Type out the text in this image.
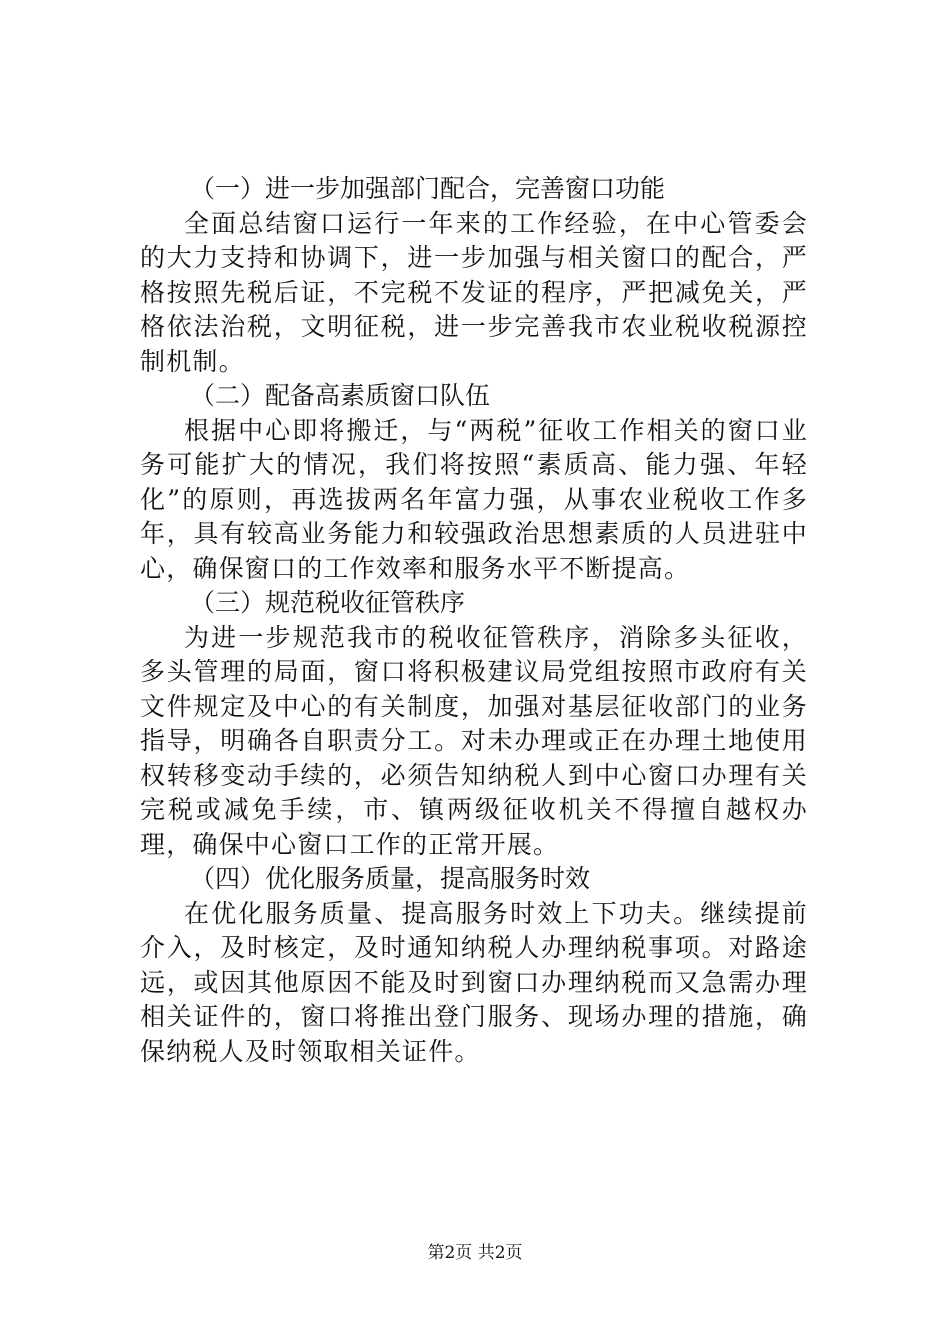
（一）进一步加强部门配合，完善窗口功能

全面总结窗口运行一年来的工作经验，在中心管委会的大力支持和协调下，进一步加强与相关窗口的配合，严格按照先税后证，不完税不发证的程序，严把减免关，严格依法治税，文明征税，进一步完善我市农业税收税源控制机制。

（二）配备高素质窗口队伍

根据中心即将搬迁，与“两税”征收工作相关的窗口业务可能扩大的情况，我们将按照“素质高、能力强、年轻化”的原则，再选拔两名年富力强，从事农业税收工作多年，具有较高业务能力和较强政治思想素质的人员进驻中心，确保窗口的工作效率和服务水平不断提高。

（三）规范税收征管秩序

为进一步规范我市的税收征管秩序，消除多头征收，多头管理的局面，窗口将积极建议局党组按照市政府有关文件规定及中心的有关制度，加强对基层征收部门的业务指导，明确各自职责分工。对未办理或正在办理土地使用权转移变动手续的，必须告知纳税人到中心窗口办理有关完税或减免手续，市、镇两级征收机关不得擅自越权办理，确保中心窗口工作的正常开展。

（四）优化服务质量，提高服务时效

在优化服务质量、提高服务时效上下功夫。继续提前介入，及时核定，及时通知纳税人办理纳税事项。对路途远，或因其他原因不能及时到窗口办理纳税而又急需办理相关证件的，窗口将推出登门服务、现场办理的措施，确保纳税人及时领取相关证件。

第2页 共2页
